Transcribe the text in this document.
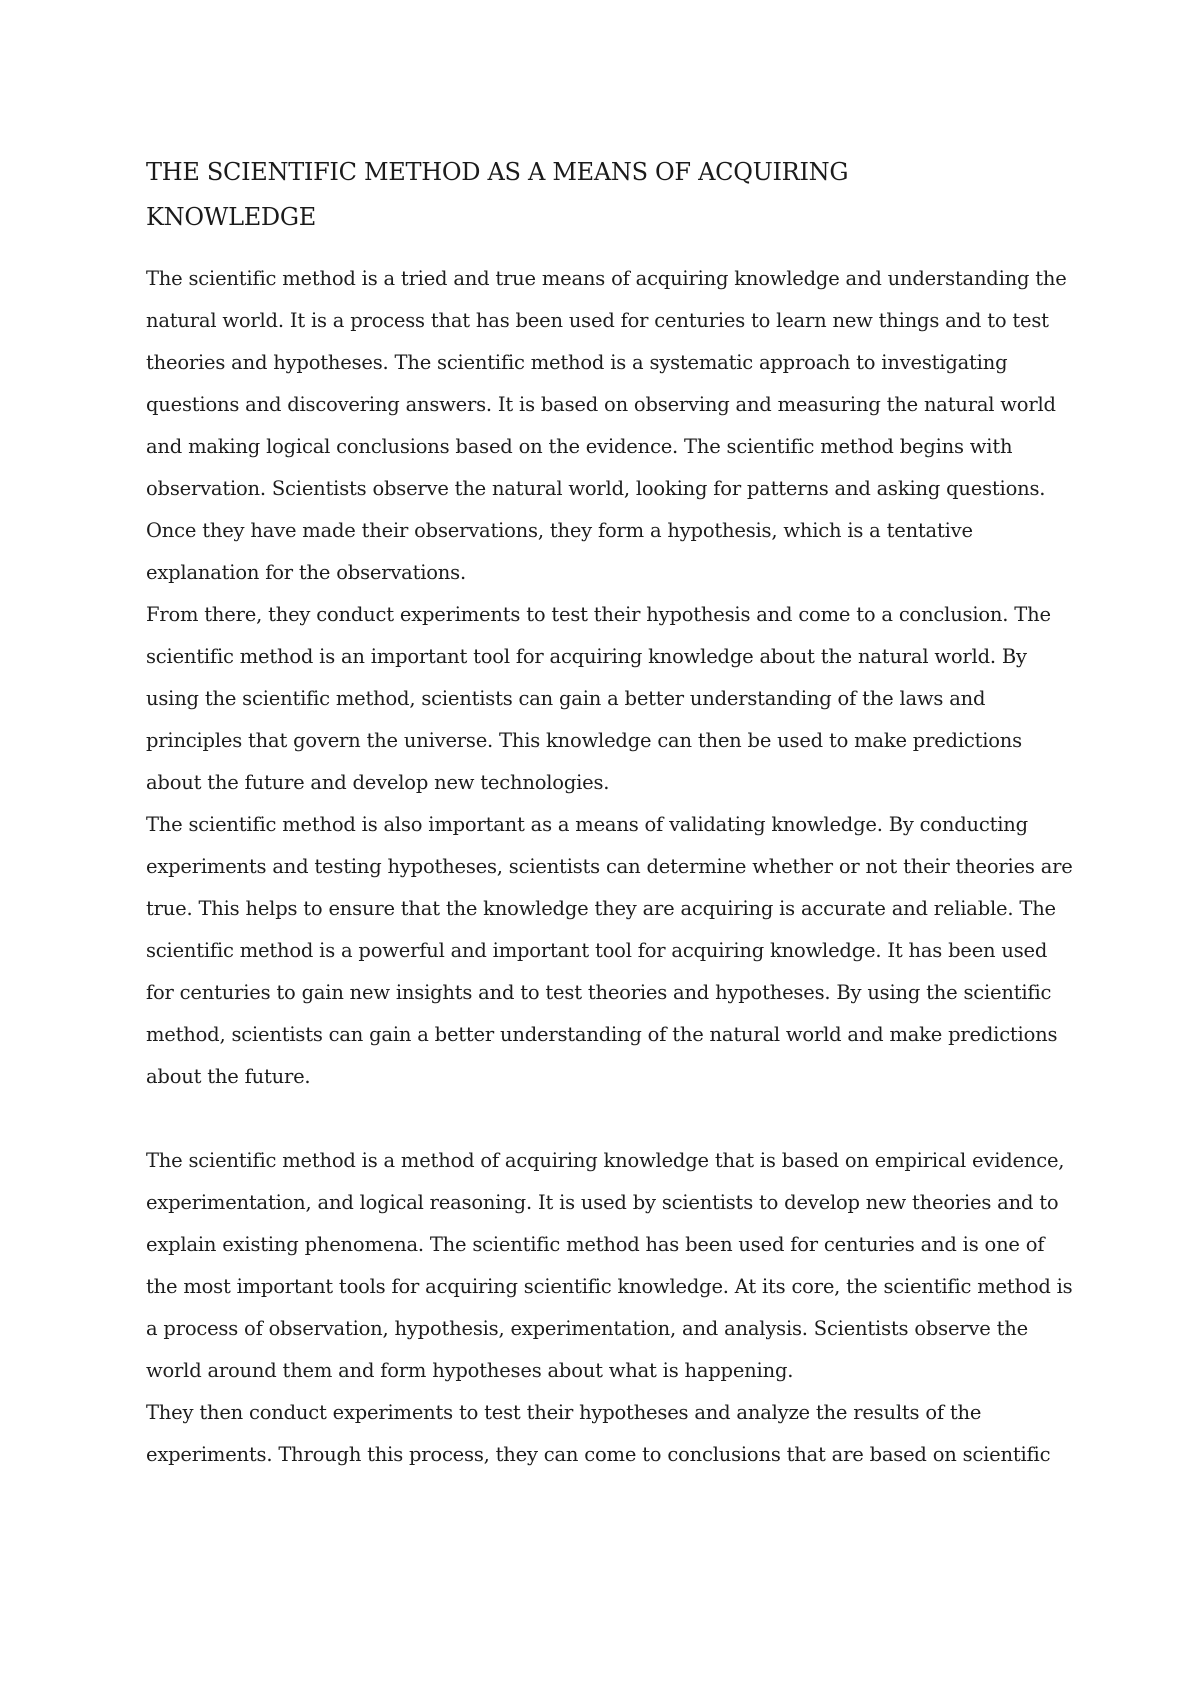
THE SCIENTIFIC METHOD AS A MEANS OF ACQUIRING
KNOWLEDGE

The scientific method is a tried and true means of acquiring knowledge and understanding the natural world. It is a process that has been used for centuries to learn new things and to test theories and hypotheses. The scientific method is a systematic approach to investigating questions and discovering answers. It is based on observing and measuring the natural world and making logical conclusions based on the evidence. The scientific method begins with observation. Scientists observe the natural world, looking for patterns and asking questions. Once they have made their observations, they form a hypothesis, which is a tentative explanation for the observations.

From there, they conduct experiments to test their hypothesis and come to a conclusion. The scientific method is an important tool for acquiring knowledge about the natural world. By using the scientific method, scientists can gain a better understanding of the laws and principles that govern the universe. This knowledge can then be used to make predictions about the future and develop new technologies.

The scientific method is also important as a means of validating knowledge. By conducting experiments and testing hypotheses, scientists can determine whether or not their theories are true. This helps to ensure that the knowledge they are acquiring is accurate and reliable. The scientific method is a powerful and important tool for acquiring knowledge. It has been used for centuries to gain new insights and to test theories and hypotheses. By using the scientific method, scientists can gain a better understanding of the natural world and make predictions about the future.

The scientific method is a method of acquiring knowledge that is based on empirical evidence, experimentation, and logical reasoning. It is used by scientists to develop new theories and to explain existing phenomena. The scientific method has been used for centuries and is one of the most important tools for acquiring scientific knowledge. At its core, the scientific method is a process of observation, hypothesis, experimentation, and analysis. Scientists observe the world around them and form hypotheses about what is happening.

They then conduct experiments to test their hypotheses and analyze the results of the experiments. Through this process, they can come to conclusions that are based on scientific
